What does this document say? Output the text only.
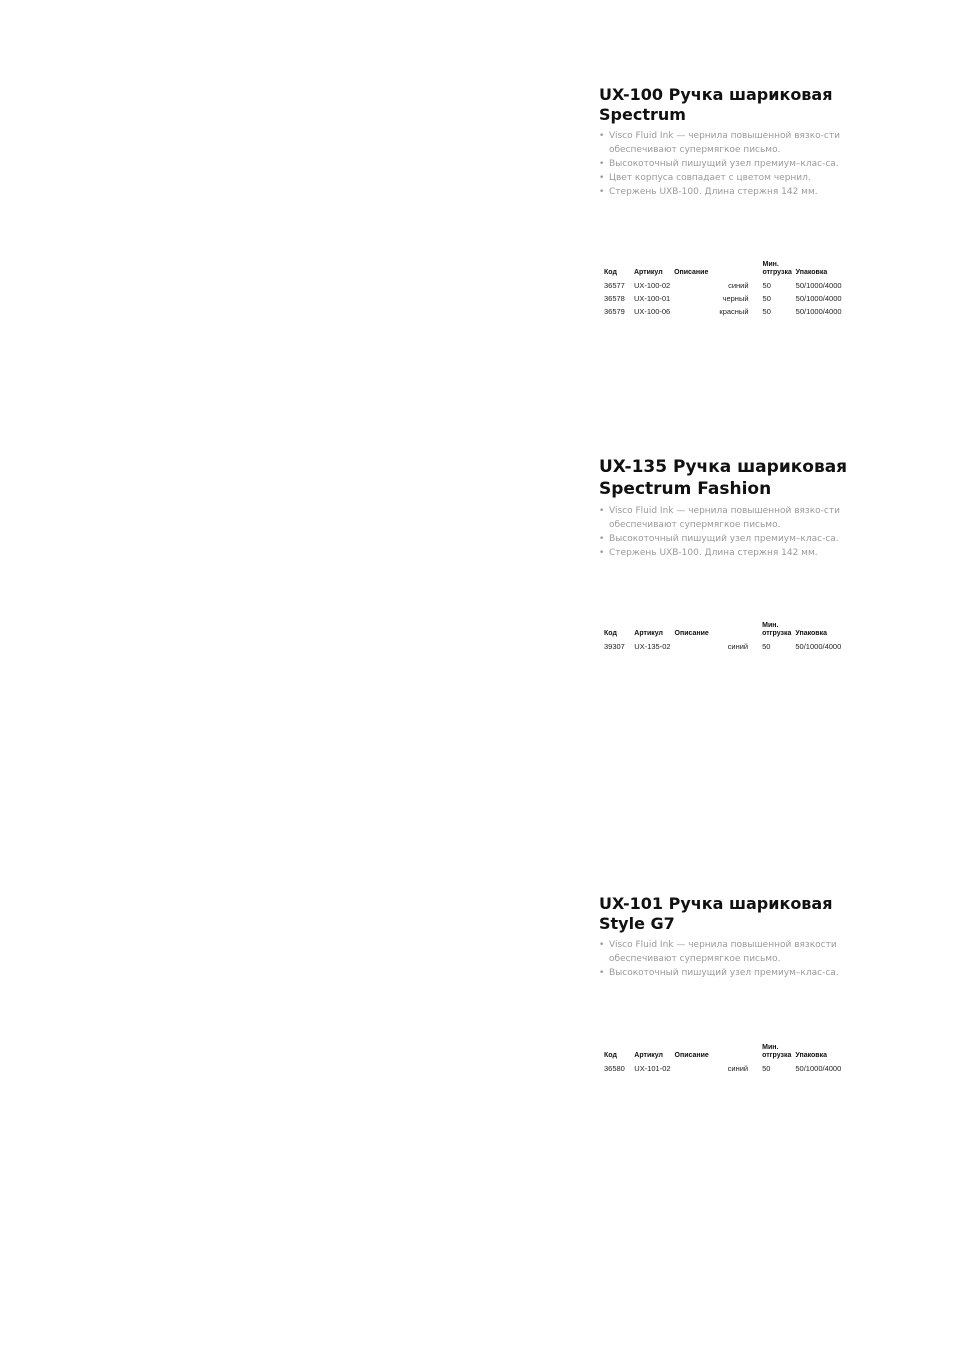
UX-100 Ручка шариковая
Spectrum
• Visco Fluid Ink — чернила повышенной вязко-сти обеспечивают супермягкое письмо.
• Высокоточный пишущий узел премиум–клас-са.
• Цвет корпуса совпадает с цветом чернил.
• Стержень UXB-100. Длина стержня 142 мм.
Код	Артикул	Описание		Мин.
отгрузка	Упаковка
36577	UX-100-02		синий	50	50/1000/4000
36578	UX-100-01		черный	50	50/1000/4000
36579	UX-100-06		красный	50	50/1000/4000
UX-135 Ручка шариковая
Spectrum Fashion
• Visco Fluid Ink — чернила повышенной вязко-сти обеспечивают супермягкое письмо.
• Высокоточный пишущий узел премиум–клас-са.
• Стержень UXB-100. Длина стержня 142 мм.
Код	Артикул	Описание		Мин.
отгрузка	Упаковка
39307	UX-135-02		синий	50	50/1000/4000
UX-101 Ручка шариковая
Style G7
• Visco Fluid Ink — чернила повышенной вязкости обеспечивают супермягкое письмо.
• Высокоточный пишущий узел премиум–клас-са.
Код	Артикул	Описание		Мин.
отгрузка	Упаковка
36580	UX-101-02		синий	50	50/1000/4000
